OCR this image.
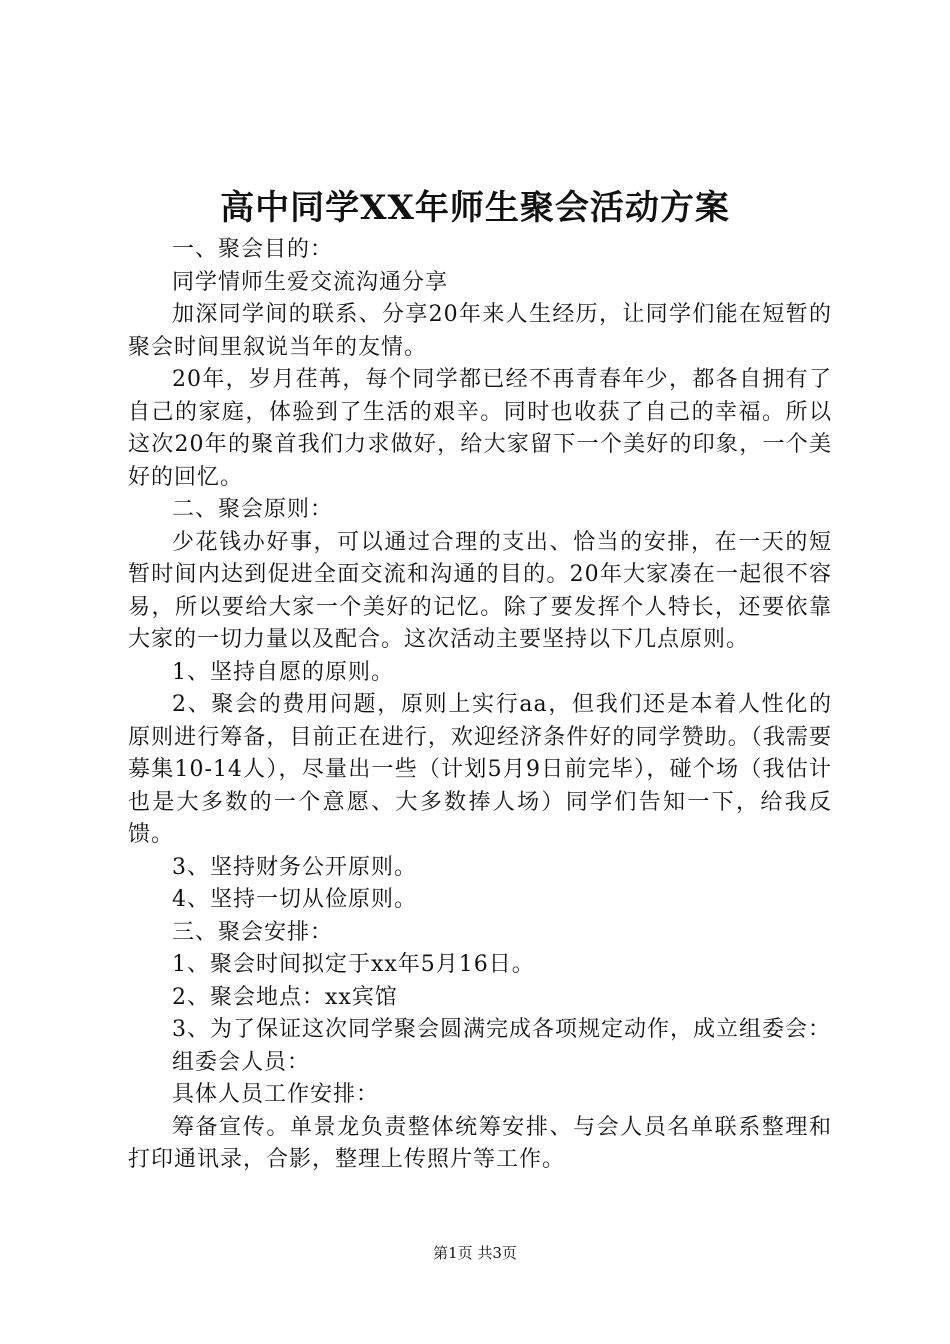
高中同学XX年师生聚会活动方案

一、聚会目的：

同学情师生爱交流沟通分享

加深同学间的联系、分享20年来人生经历，让同学们能在短暂的聚会时间里叙说当年的友情。

20年，岁月荏苒，每个同学都已经不再青春年少，都各自拥有了自己的家庭，体验到了生活的艰辛。同时也收获了自己的幸福。所以这次20年的聚首我们力求做好，给大家留下一个美好的印象，一个美好的回忆。

二、聚会原则：

少花钱办好事，可以通过合理的支出、恰当的安排，在一天的短暂时间内达到促进全面交流和沟通的目的。20年大家凑在一起很不容易，所以要给大家一个美好的记忆。除了要发挥个人特长，还要依靠大家的一切力量以及配合。这次活动主要坚持以下几点原则。

1、坚持自愿的原则。

2、聚会的费用问题，原则上实行aa，但我们还是本着人性化的原则进行筹备，目前正在进行，欢迎经济条件好的同学赞助。（我需要募集10-14人），尽量出一些（计划5月9日前完毕），碰个场（我估计也是大多数的一个意愿、大多数捧人场）同学们告知一下，给我反馈。

3、坚持财务公开原则。

4、坚持一切从俭原则。

三、聚会安排：

1、聚会时间拟定于xx年5月16日。

2、聚会地点：xx宾馆

3、为了保证这次同学聚会圆满完成各项规定动作，成立组委会：

组委会人员：

具体人员工作安排：

筹备宣传。单景龙负责整体统筹安排、与会人员名单联系整理和打印通讯录，合影，整理上传照片等工作。

第1页 共3页
